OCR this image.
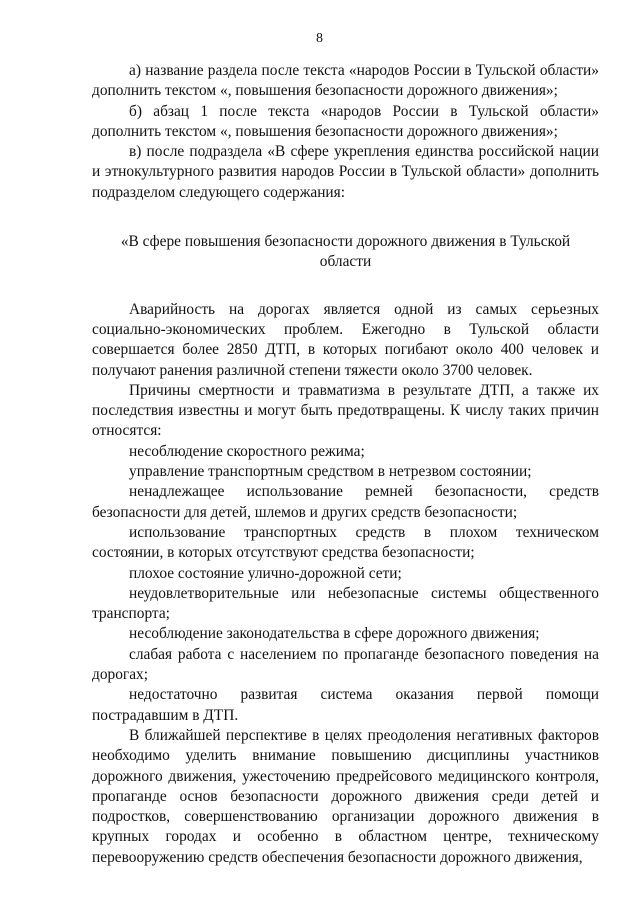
8

а) название раздела после текста «народов России в Тульской области» дополнить текстом «, повышения безопасности дорожного движения»;

б) абзац 1 после текста «народов России в Тульской области» дополнить текстом «, повышения безопасности дорожного движения»;

в) после подраздела «В сфере укрепления единства российской нации и этнокультурного развития народов России в Тульской области» дополнить подразделом следующего содержания:

«В сфере повышения безопасности дорожного движения в Тульской области

Аварийность на дорогах является одной из самых серьезных социально-экономических проблем. Ежегодно в Тульской области совершается более 2850 ДТП, в которых погибают около 400 человек и получают ранения различной степени тяжести около 3700 человек.

Причины смертности и травматизма в результате ДТП, а также их последствия известны и могут быть предотвращены. К числу таких причин относятся:

несоблюдение скоростного режима;

управление транспортным средством в нетрезвом состоянии;

ненадлежащее использование ремней безопасности, средств безопасности для детей, шлемов и других средств безопасности;

использование транспортных средств в плохом техническом состоянии, в которых отсутствуют средства безопасности;

плохое состояние улично-дорожной сети;

неудовлетворительные или небезопасные системы общественного транспорта;

несоблюдение законодательства в сфере дорожного движения;

слабая работа с населением по пропаганде безопасного поведения на дорогах;

недостаточно развитая система оказания первой помощи пострадавшим в ДТП.

В ближайшей перспективе в целях преодоления негативных факторов необходимо уделить внимание повышению дисциплины участников дорожного движения, ужесточению предрейсового медицинского контроля, пропаганде основ безопасности дорожного движения среди детей и подростков, совершенствованию организации дорожного движения в крупных городах и особенно в областном центре, техническому перевооружению средств обеспечения безопасности дорожного движения,
